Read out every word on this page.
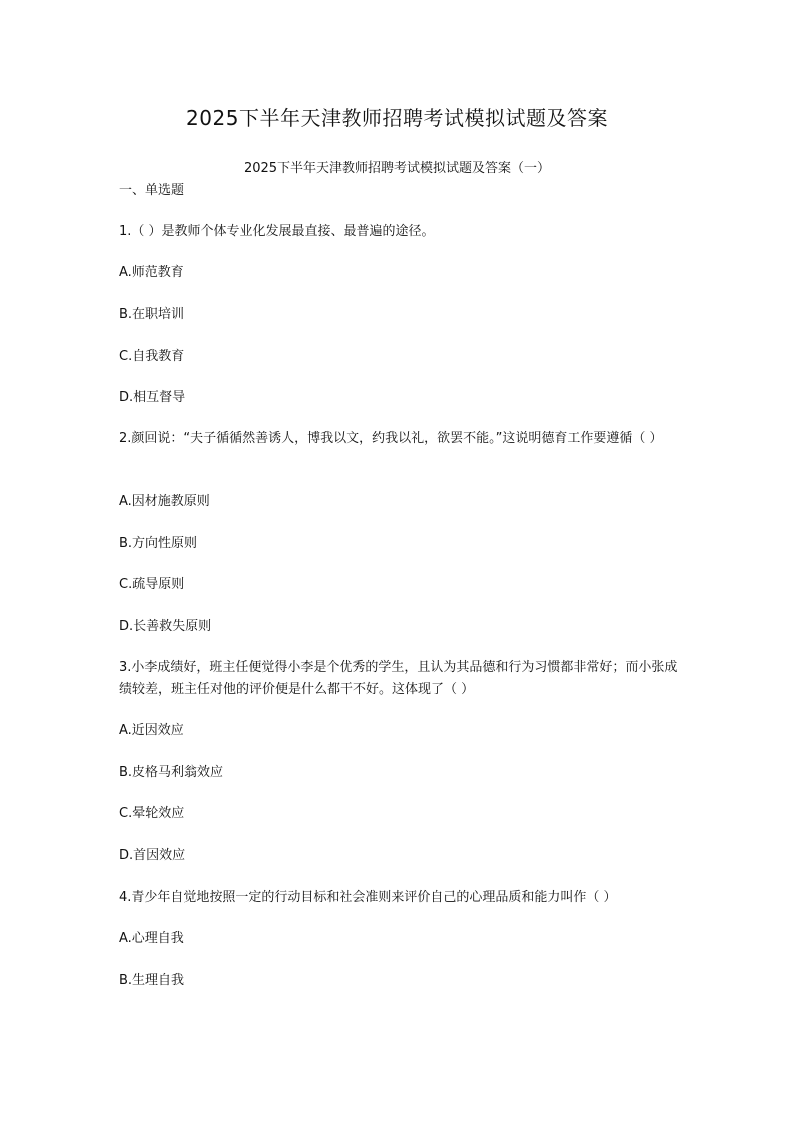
2025下半年天津教师招聘考试模拟试题及答案
2025下半年天津教师招聘考试模拟试题及答案（一）
一、单选题
1.（ ）是教师个体专业化发展最直接、最普遍的途径。
A.师范教育
B.在职培训
C.自我教育
D.相互督导
2.颜回说：“夫子循循然善诱人，博我以文，约我以礼，欲罢不能。”这说明德育工作要遵循（ ）
A.因材施教原则
B.方向性原则
C.疏导原则
D.长善救失原则
3.小李成绩好，班主任便觉得小李是个优秀的学生，且认为其品德和行为习惯都非常好；而小张成绩较差，班主任对他的评价便是什么都干不好。这体现了（ ）
A.近因效应
B.皮格马利翁效应
C.晕轮效应
D.首因效应
4.青少年自觉地按照一定的行动目标和社会准则来评价自己的心理品质和能力叫作（ ）
A.心理自我
B.生理自我
